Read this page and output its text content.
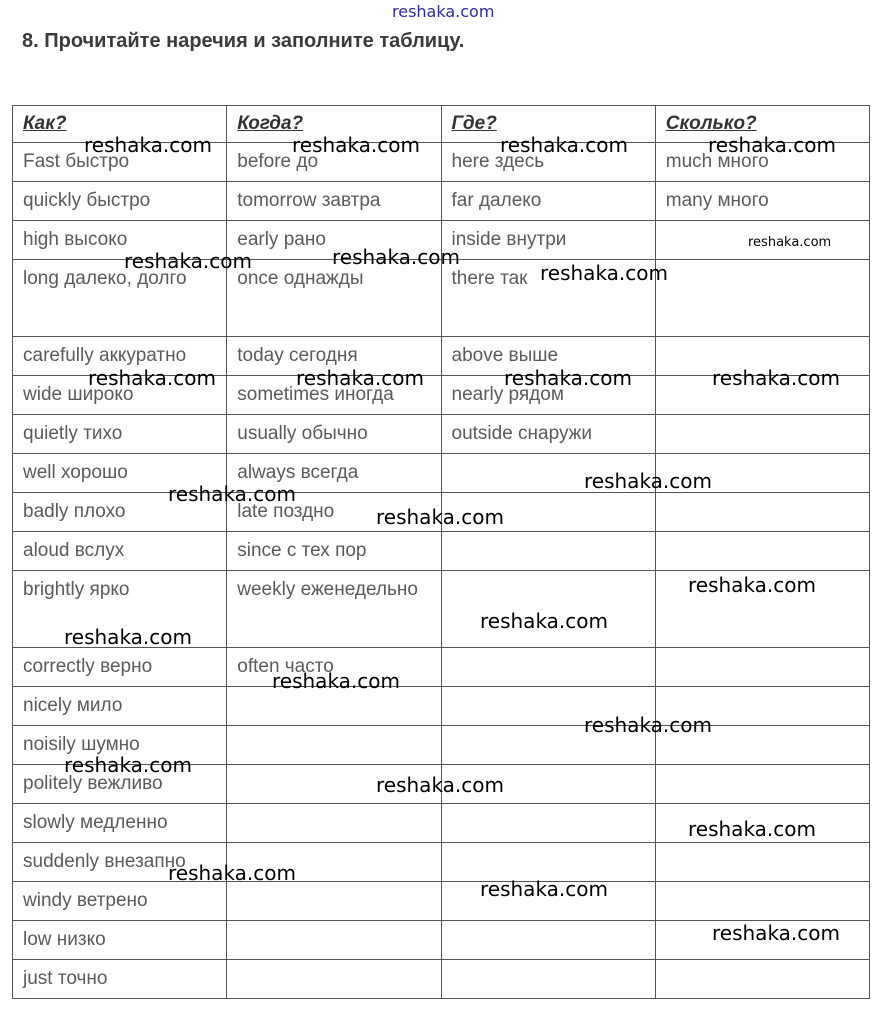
reshaka.com
8. Прочитайте наречия и заполните таблицу.
Как?	Когда?	Где?	Сколько?
Fast быстро	before до	here здесь	much много
quickly быстро	tomorrow завтра	far далеко	many много
high высоко	early рано	inside внутри	
long далеко, долго	once однажды	there так	
carefully аккуратно	today сегодня	above выше	
wide широко	sometimes иногда	nearly рядом	
quietly тихо	usually обычно	outside снаружи	
well хорошо	always всегда		
badly плохо	late поздно		
aloud вслух	since с тех пор		
brightly ярко	weekly еженедельно		
correctly верно	often часто		
nicely мило			
noisily шумно			
politely вежливо			
slowly медленно			
suddenly внезапно			
windy ветрено			
low низко			
just точно			
reshaka.com	reshaka.com	reshaka.com	reshaka.com
reshaka.com	reshaka.com
reshaka.com
reshaka.com	reshaka.com	reshaka.com	reshaka.com
reshaka.com
reshaka.com
reshaka.com
reshaka.com
reshaka.com
reshaka.com
reshaka.com
reshaka.com
reshaka.com
reshaka.com
reshaka.com
reshaka.com
reshaka.com
reshaka.com
reshaka.com
